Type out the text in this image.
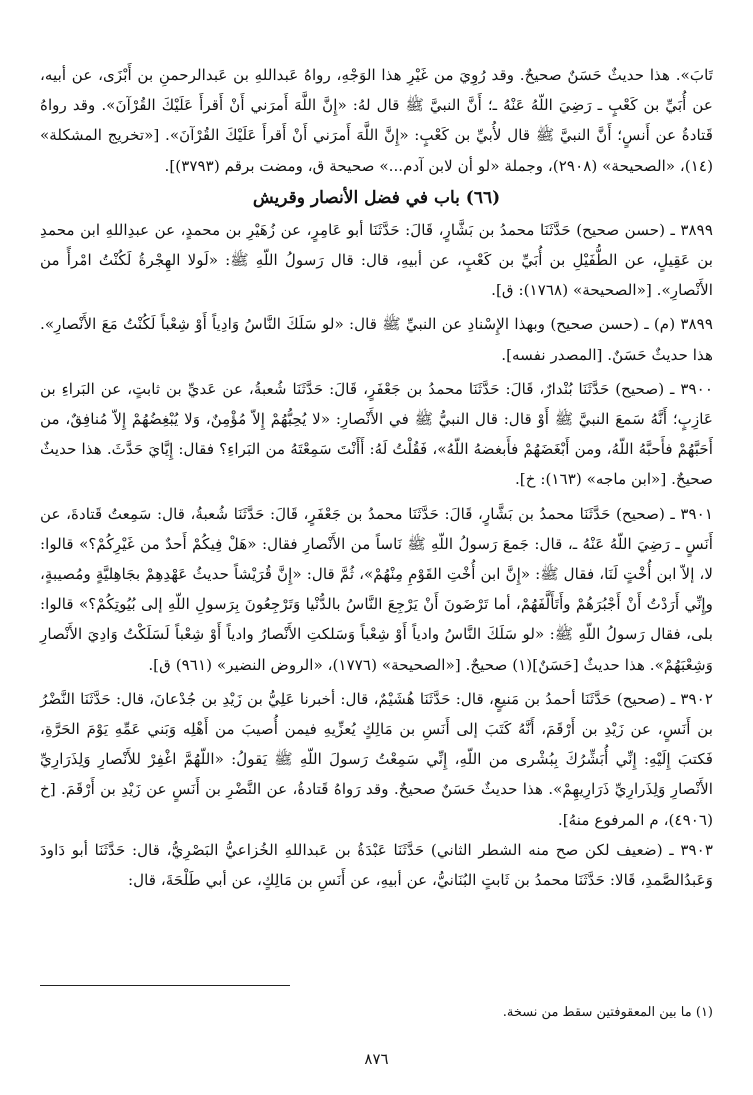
تَابَ». هذا حديثٌ حَسَنٌ صحيحٌ. وقد رُوِيَ من غَيْرِ هذا الوَجْهِ، رواهُ عَبداللهِ بن عَبدالرحمنِ بن أَبْزَى، عن أبيه، عن أُبَيِّ بن كَعْبٍ ـ رَضِيَ اللّهُ عَنْهُ ـ؛ أَنَّ النبيَّ ﷺ قال لهُ: «إِنَّ اللَّهَ أَمرَني أَنْ أَقرأَ عَلَيْكَ القُرْآنَ». وقد رواهُ قَتادةُ عن أَنسٍ؛ أَنَّ النبيَّ ﷺ قال لأُبيِّ بن كَعْبٍ: «إِنَّ اللَّهَ أَمرَني أَنْ أَقرأَ عَلَيْكَ القُرْآنَ». [«تخريج المشكلة» (١٤)، «الصحيحة» (٢٩٠٨)، وجملة «لو أن لابن آدم...» صحيحة ق، ومضت برقم (٣٧٩٣)].

(٦٦) باب في فضل الأنصار وقريش

٣٨٩٩ ـ (حسن صحيح) حَدَّثَنَا محمدُ بن بَشَّارٍ، قَالَ: حَدَّثَنَا أبو عَامِرٍ، عن زُهَيْرِ بن محمدٍ، عن عبدِاللهِ ابن محمدِ بن عَقِيلٍ، عن الطُّفَيْلِ بن أُبَيِّ بن كَعْبٍ، عن أبيهِ، قال: قال رَسولُ اللّهِ ﷺ: «لَولا الهِجْرةُ لَكُنْتُ امْرأً من الأَنْصارِ». [«الصحيحة» (١٧٦٨): ق].

٣٨٩٩ (م) ـ (حسن صحيح) وبهذا الإِسْنادِ عن النبيِّ ﷺ قال: «لو سَلَكَ النَّاسُ وَادِياً أَوْ شِعْباً لَكُنْتُ مَعَ الأَنْصارِ». هذا حديثٌ حَسَنٌ. [المصدر نفسه].

٣٩٠٠ ـ (صحيح) حَدَّثَنَا بُنْدارٌ، قَالَ: حَدَّثَنَا محمدُ بن جَعْفَرٍ، قَالَ: حَدَّثَنَا شُعبةُ، عن عَديِّ بن ثابتٍ، عن البَراءِ بن عَازِبٍ؛ أَنَّهُ سَمعَ النبيَّ ﷺ أَوْ قال: قال النبيُّ ﷺ في الأَنْصارِ: «لا يُحِبُّهُمْ إِلاّ مُؤْمِنٌ، وَلا يُبْغِضُهُمْ إِلاّ مُنافِقٌ، من أَحَبَّهُمْ فأَحبَّهُ اللّهُ، ومن أَبْغَضَهُمْ فأَبغضهُ اللّهُ»، فَقُلْتُ لَهُ: أَأَنْتَ سَمِعْتَهُ من البَراءِ؟ فقال: إِيَّايَ حَدَّثَ. هذا حديثٌ صحيحٌ. [«ابن ماجه» (١٦٣): خ].

٣٩٠١ ـ (صحيح) حَدَّثَنَا محمدُ بن بَشَّارٍ، قَالَ: حَدَّثَنَا محمدُ بن جَعْفَرٍ، قَالَ: حَدَّثَنَا شُعبةُ، قال: سَمِعتُ قَتادةَ، عن أَنَسٍ ـ رَضِيَ اللّهُ عَنْهُ ـ، قال: جَمعَ رَسولُ اللّهِ ﷺ نَاساً من الأَنْصارِ فقال: «هَلْ فِيكُمْ أَحدٌ من غَيْرِكُمْ؟» قالوا: لا، إلاّ ابن أُخْتٍ لَنَا، فقال ﷺ: «إِنَّ ابن أُخْتِ القَوْمِ مِنْهُمْ»، ثُمَّ قال: «إِنَّ قُرَيْشاً حديثُ عَهْدِهِمْ بجَاهِليَّةٍ ومُصيبةٍ، وإِنِّي أَرَدْتُ أَنْ أَجْبُرَهُمْ وأَتَأَلَّفَهُمْ، أما تَرْضَونَ أَنْ يَرْجِعَ النَّاسُ بالدُّنْيا وَتَرْجِعُونَ بِرَسولِ اللّهِ إلى بُيُوتِكُمْ؟» قالوا: بلى، فقال رَسولُ اللّهِ ﷺ: «لو سَلَكَ النَّاسُ وادياً أَوْ شِعْباً وَسَلكتِ الأَنْصارُ وادياً أَوْ شِعْباً لَسَلَكْتُ وَادِيَ الأَنْصارِ وَشِعْبَهُمْ». هذا حديثٌ [حَسَنٌ](١) صحيحٌ. [«الصحيحة» (١٧٧٦)، «الروض النضير» (٩٦١) ق].

٣٩٠٢ ـ (صحيح) حَدَّثَنَا أحمدُ بن مَنيعٍ، قال: حَدَّثَنَا هُشَيْمٌ، قال: أخبرنا عَلِيُّ بن زَيْدِ بن جُدْعانَ، قال: حَدَّثَنَا النَّضْرُ بن أَنَسٍ، عن زَيْدِ بن أَرْقَمَ، أَنَّهُ كَتَبَ إلى أَنَسِ بن مَالِكٍ يُعزِّيهِ فيمن أُصيبَ من أَهْلِه وَبَني عَمِّهِ يَوْمَ الحَرَّةِ، فَكتبَ إِلَيْهِ: إِنِّي أُبَشِّرُكَ بِبُشْرى من اللّهِ، إِنِّي سَمِعْتُ رَسولَ اللّهِ ﷺ يَقولُ: «اللّهُمَّ اغْفِرْ للأَنْصارِ وَلِذَرَارِيِّ الأَنْصارِ وَلِذَرارِيِّ ذَرَارِيهِمْ». هذا حديثٌ حَسَنٌ صحيحٌ. وقد رَواهُ قَتادةُ، عن النَّضْرِ بن أَنَسٍ عن زَيْدِ بن أَرْقَمَ. [خ (٤٩٠٦)، م المرفوع منهُ].

٣٩٠٣ ـ (ضعيف لكن صح منه الشطر الثاني) حَدَّثَنَا عَبْدَةُ بن عَبداللهِ الخُزاعيُّ البَصْرِيُّ، قال: حَدَّثَنَا أبو دَاودَ وَعَبدُالصَّمدِ، قَالا: حَدَّثَنَا محمدُ بن ثَابتٍ البُنَانيُّ، عن أبيهِ، عن أَنَسِ بن مَالِكٍ، عن أبي طَلْحَةَ، قال:

(١) ما بين المعقوفتين سقط من نسخة.
٨٧٦
